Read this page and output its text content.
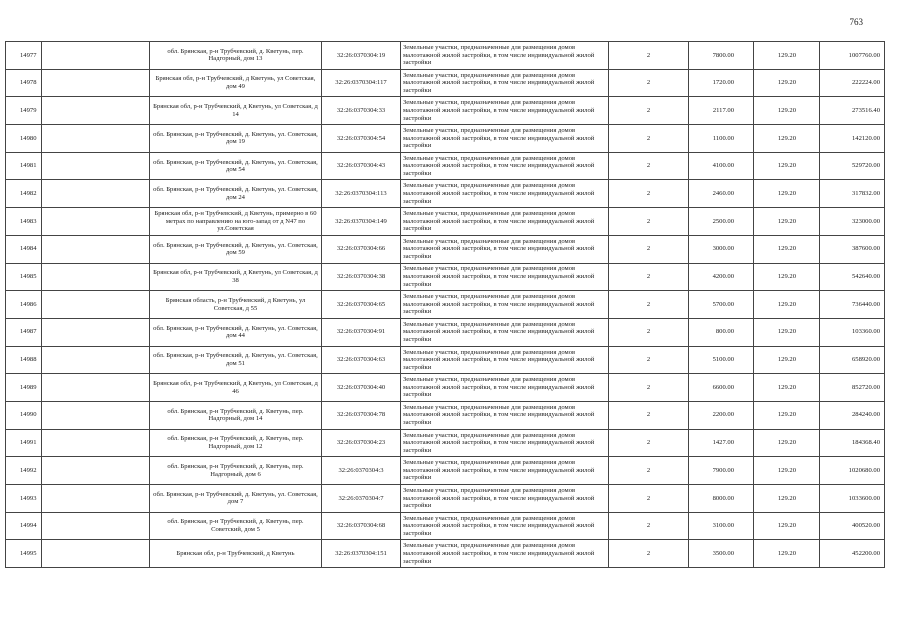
763
14977		обл. Брянская, р-н Трубчевский, д. Кветунь, пер. Надгорный, дом 13	32:26:0370304:19	Земельные участки, предназначенные для размещения домов малоэтажной жилой застройки, в том числе индивидуальной жилой застройки	2	7800.00	129.20	1007760.00
14978		Брянская обл, р-н Трубчевский, д Кветунь, ул Советская, дом 49	32:26:0370304:117	Земельные участки, предназначенные для размещения домов малоэтажной жилой застройки, в том числе индивидуальной жилой застройки	2	1720.00	129.20	222224.00
14979		Брянская обл, р-н Трубчевский, д Кветунь, ул Советская, д 14	32:26:0370304:33	Земельные участки, предназначенные для размещения домов малоэтажной жилой застройки, в том числе индивидуальной жилой застройки	2	2117.00	129.20	273516.40
14980		обл. Брянская, р-н Трубчевский, д. Кветунь, ул. Советская, дом 19	32:26:0370304:54	Земельные участки, предназначенные для размещения домов малоэтажной жилой застройки, в том числе индивидуальной жилой застройки	2	1100.00	129.20	142120.00
14981		обл. Брянская, р-н Трубчевский, д. Кветунь, ул. Советская, дом 54	32:26:0370304:43	Земельные участки, предназначенные для размещения домов малоэтажной жилой застройки, в том числе индивидуальной жилой застройки	2	4100.00	129.20	529720.00
14982		обл. Брянская, р-н Трубчевский, д. Кветунь, ул. Советская, дом 24	32:26:0370304:113	Земельные участки, предназначенные для размещения домов малоэтажной жилой застройки, в том числе индивидуальной жилой застройки	2	2460.00	129.20	317832.00
14983		Брянская обл, р-н Трубчевский, д Кветунь, примерно в 60 метрах по направлению на юго-запад от д N47 по ул.Советская	32:26:0370304:149	Земельные участки, предназначенные для размещения домов малоэтажной жилой застройки, в том числе индивидуальной жилой застройки	2	2500.00	129.20	323000.00
14984		обл. Брянская, р-н Трубчевский, д. Кветунь, ул. Советская, дом 59	32:26:0370304:66	Земельные участки, предназначенные для размещения домов малоэтажной жилой застройки, в том числе индивидуальной жилой застройки	2	3000.00	129.20	387600.00
14985		Брянская обл, р-н Трубчевский, д Кветунь, ул Советская, д 38	32:26:0370304:38	Земельные участки, предназначенные для размещения домов малоэтажной жилой застройки, в том числе индивидуальной жилой застройки	2	4200.00	129.20	542640.00
14986		Брянская область, р-н Трубчевский, д Кветунь, ул Советская, д 55	32:26:0370304:65	Земельные участки, предназначенные для размещения домов малоэтажной жилой застройки, в том числе индивидуальной жилой застройки	2	5700.00	129.20	736440.00
14987		обл. Брянская, р-н Трубчевский, д. Кветунь, ул. Советская, дом 44	32:26:0370304:91	Земельные участки, предназначенные для размещения домов малоэтажной жилой застройки, в том числе индивидуальной жилой застройки	2	800.00	129.20	103360.00
14988		обл. Брянская, р-н Трубчевский, д. Кветунь, ул. Советская, дом 51	32:26:0370304:63	Земельные участки, предназначенные для размещения домов малоэтажной жилой застройки, в том числе индивидуальной жилой застройки	2	5100.00	129.20	658920.00
14989		Брянская обл, р-н Трубчевский, д Кветунь, ул Советская, д 46	32:26:0370304:40	Земельные участки, предназначенные для размещения домов малоэтажной жилой застройки, в том числе индивидуальной жилой застройки	2	6600.00	129.20	852720.00
14990		обл. Брянская, р-н Трубчевский, д. Кветунь, пер. Надгорный, дом 14	32:26:0370304:78	Земельные участки, предназначенные для размещения домов малоэтажной жилой застройки, в том числе индивидуальной жилой застройки	2	2200.00	129.20	284240.00
14991		обл. Брянская, р-н Трубчевский, д. Кветунь, пер. Надгорный, дом 12	32:26:0370304:23	Земельные участки, предназначенные для размещения домов малоэтажной жилой застройки, в том числе индивидуальной жилой застройки	2	1427.00	129.20	184368.40
14992		обл. Брянская, р-н Трубчевский, д. Кветунь, пер. Надгорный, дом 6	32:26:0370304:3	Земельные участки, предназначенные для размещения домов малоэтажной жилой застройки, в том числе индивидуальной жилой застройки	2	7900.00	129.20	1020680.00
14993		обл. Брянская, р-н Трубчевский, д. Кветунь, ул. Советская, дом 7	32:26:0370304:7	Земельные участки, предназначенные для размещения домов малоэтажной жилой застройки, в том числе индивидуальной жилой застройки	2	8000.00	129.20	1033600.00
14994		обл. Брянская, р-н Трубчевский, д. Кветунь, пер. Советский, дом 5	32:26:0370304:68	Земельные участки, предназначенные для размещения домов малоэтажной жилой застройки, в том числе индивидуальной жилой застройки	2	3100.00	129.20	400520.00
14995		Брянская обл, р-н Трубчевский, д Кветунь	32:26:0370304:151	Земельные участки, предназначенные для размещения домов малоэтажной жилой застройки, в том числе индивидуальной жилой застройки	2	3500.00	129.20	452200.00
